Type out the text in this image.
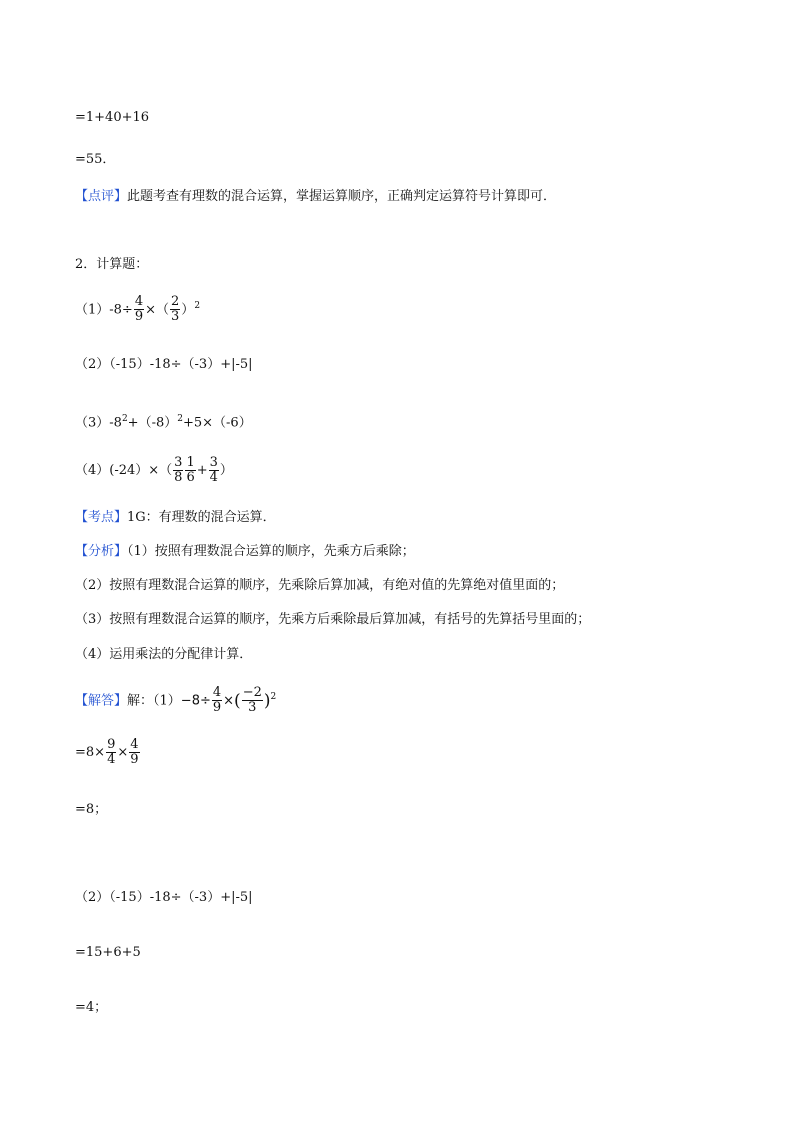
=1+40+16
=55．
【点评】此题考查有理数的混合运算，掌握运算顺序，正确判定运算符号计算即可．
2．计算题：
$(1)-8\div \frac{4}{9}$ ×（ $\frac{2}{3} )^2$
（2）（-15）-18÷（-3）+|-5|
$(3)-8^2+(-8)^2+5\times(-6)$
$(4)(-24)\times( \frac{3}{8} \frac{1}{6} + \frac{3}{4}$ ）
【考点】1G：有理数的混合运算．
【分析】（1）按照有理数混合运算的顺序，先乘方后乘除；
（2）按照有理数混合运算的顺序，先乘除后算加减，有绝对值的先算绝对值里面的；
（3）按照有理数混合运算的顺序，先乘方后乘除最后算加减，有括号的先算括号里面的；
（4）运用乘法的分配律计算．
【解答】解：$(1)-8\div \frac{4}{9}$ ×( $\frac{-2}{3} )^2$
$=8\times \frac{9}{4} \times \frac{4}{9}$
=8；
（2）（-15）-18÷（-3）+|-5|
=15+6+5
=4；
